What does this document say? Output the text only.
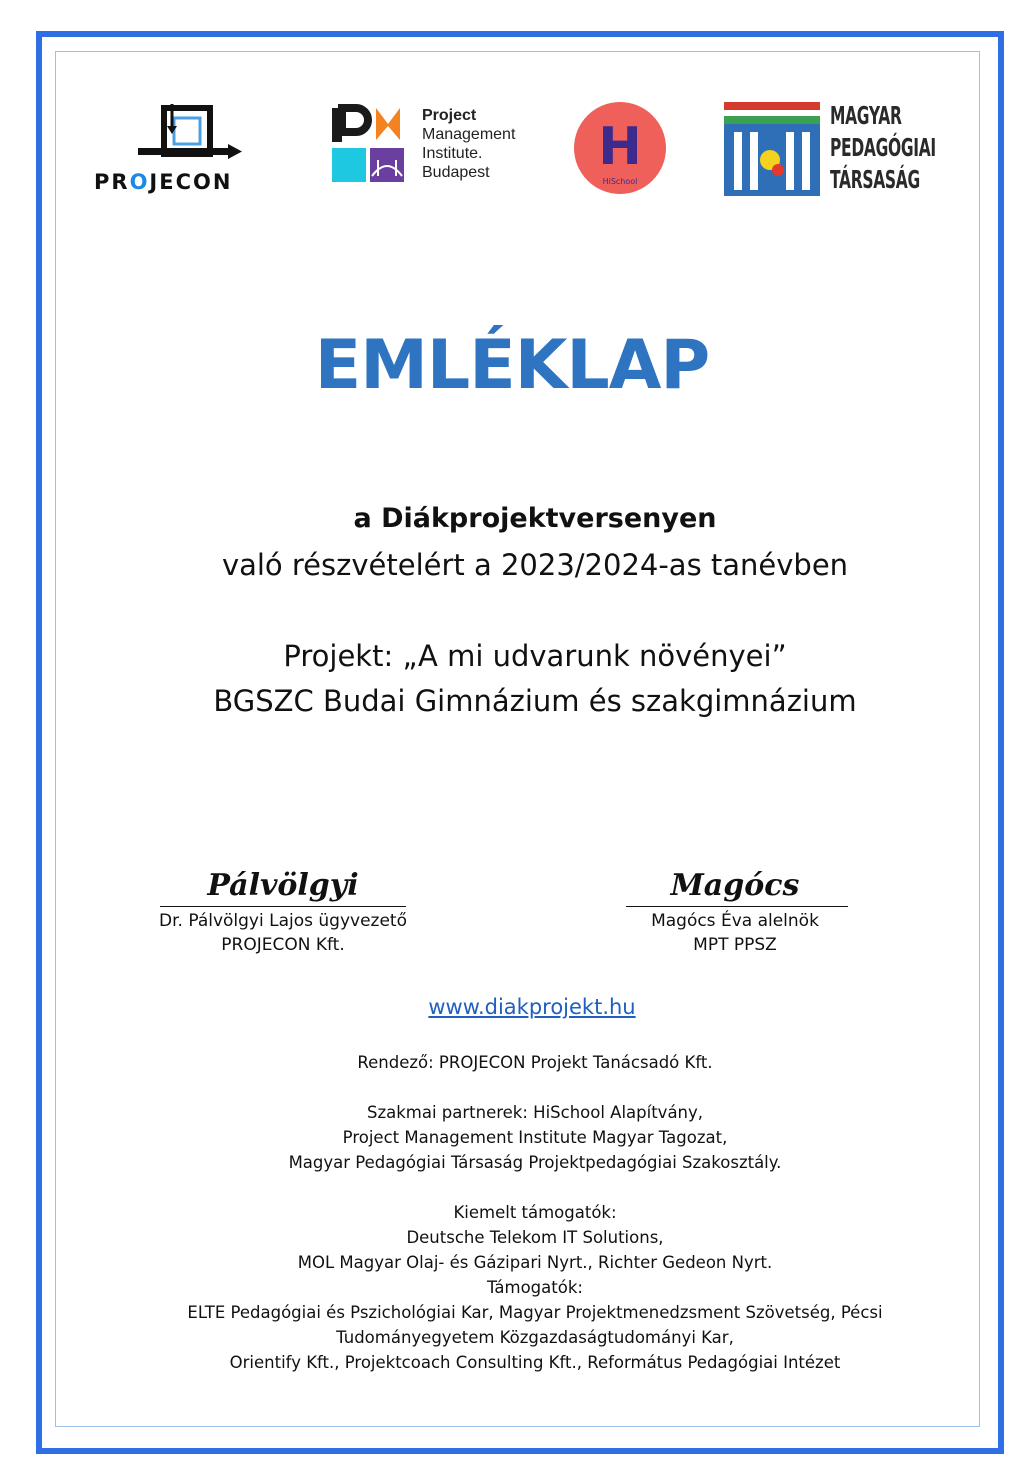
PROJECON
Project
Management
Institute.
Budapest	H
HiSchool
MAGYAR
PEDAGÓGIAI
TÁRSASÁG
EMLÉKLAP
a Diákprojektversenyen
való részvételért a 2023/2024-as tanévben
Projekt: „A mi udvarunk növényei”
BGSZC Budai Gimnázium és szakgimnázium
Pálvölgyi
Dr. Pálvölgyi Lajos ügyvezető
PROJECON Kft.
Magócs
Magócs Éva alelnök
MPT PPSZ
www.diakprojekt.hu
Rendező: PROJECON Projekt Tanácsadó Kft.
Szakmai partnerek: HiSchool Alapítvány,
Project Management Institute Magyar Tagozat,
Magyar Pedagógiai Társaság Projektpedagógiai Szakosztály.
Kiemelt támogatók:
Deutsche Telekom IT Solutions,
MOL Magyar Olaj- és Gázipari Nyrt., Richter Gedeon Nyrt.
Támogatók:
ELTE Pedagógiai és Pszichológiai Kar, Magyar Projektmenedzsment Szövetség, Pécsi
Tudományegyetem Közgazdaságtudományi Kar,
Orientify Kft., Projektcoach Consulting Kft., Református Pedagógiai Intézet
